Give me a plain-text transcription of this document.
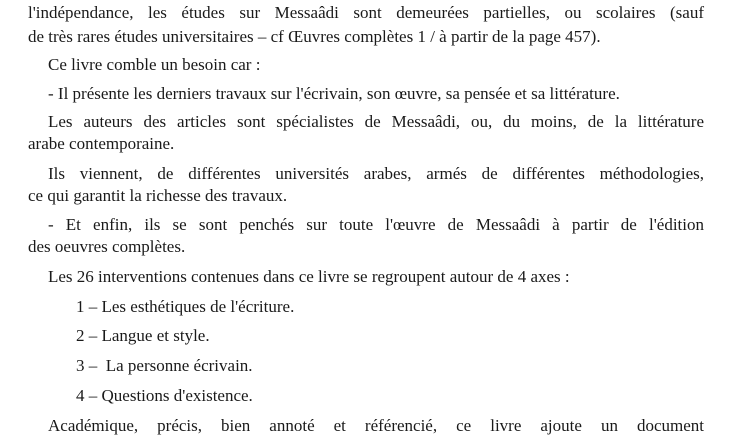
l'indépendance, les études sur Messaâdi sont demeurées partielles, ou scolaires (sauf
de très rares études universitaires – cf Œuvres complètes 1 / à partir de la page 457).
Ce livre comble un besoin car :
- Il présente les derniers travaux sur l'écrivain, son œuvre, sa pensée et sa littérature.
Les auteurs des articles sont spécialistes de Messaâdi, ou, du moins, de la littérature
arabe contemporaine.
Ils viennent, de différentes universités arabes, armés de différentes méthodologies,
ce qui garantit la richesse des travaux.
- Et enfin, ils se sont penchés sur toute l'œuvre de Messaâdi à partir de l'édition
des oeuvres complètes.
Les 26 interventions contenues dans ce livre se regroupent autour de 4 axes :
1 – Les esthétiques de l'écriture.
2 – Langue et style.
3 –  La personne écrivain.
4 – Questions d'existence.
Académique, précis, bien annoté et référencié, ce livre ajoute un document
